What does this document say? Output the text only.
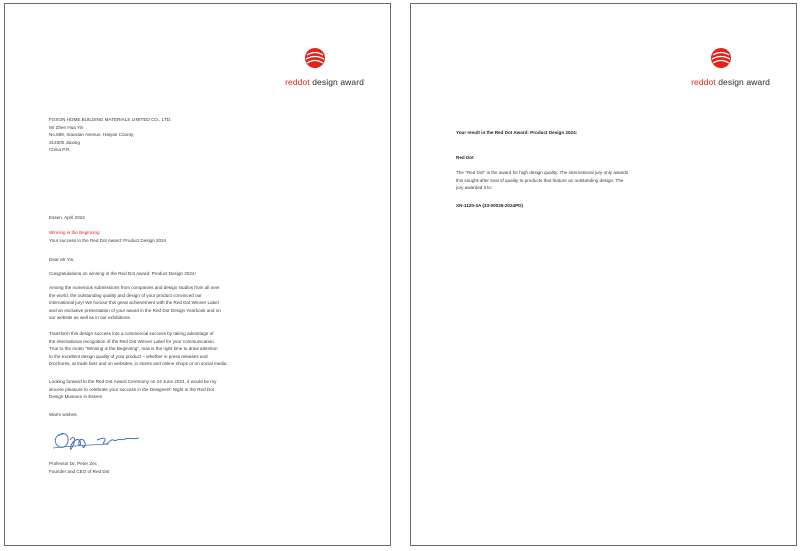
reddot design award
FOSON HOME BUILDING MATERIALS LIMITED CO., LTD.
Mr Zhen Hua Yin
No.888, Xiaoxian Avenue, Haiyan County,
314300 Jiaxing
China P.R.
Essen, April 2024
Winning is the Beginning
Your success in the Red Dot Award: Product Design 2024
Dear Mr Yin,
Congratulations on winning in the Red Dot Award: Product Design 2024!
Among the numerous submissions from companies and design studios from all over
the world, the outstanding quality and design of your product convinced our
international jury! We honour this great achievement with the Red Dot Winner Label
and an exclusive presentation of your award in the Red Dot Design Yearbook and on
our website as well as in our exhibitions.
Transform this design success into a commercial success by taking advantage of
the international recognition of the Red Dot Winner Label for your communication.
True to the motto "Winning is the Beginning", now is the right time to draw attention
to the excellent design quality of your product – whether in press releases and
brochures, at trade fairs and on websites, in stores and online shops or on social media.
Looking forward to the Red Dot Award Ceremony on 24 June 2024, it would be my
sincere pleasure to celebrate your success in the Designers' Night in the Red Dot
Design Museum in Essen!
Warm wishes,
Professor Dr. Peter Zec
Founder and CEO of Red Dot
reddot design award
Your result in the Red Dot Award: Product Design 2024:
Red Dot
The "Red Dot" is the award for high design quality. The international jury only awards
this sought-after seal of quality to products that feature an outstanding design. The
jury awarded it to:
XN-1120-3A (33-00026-2024PD)
